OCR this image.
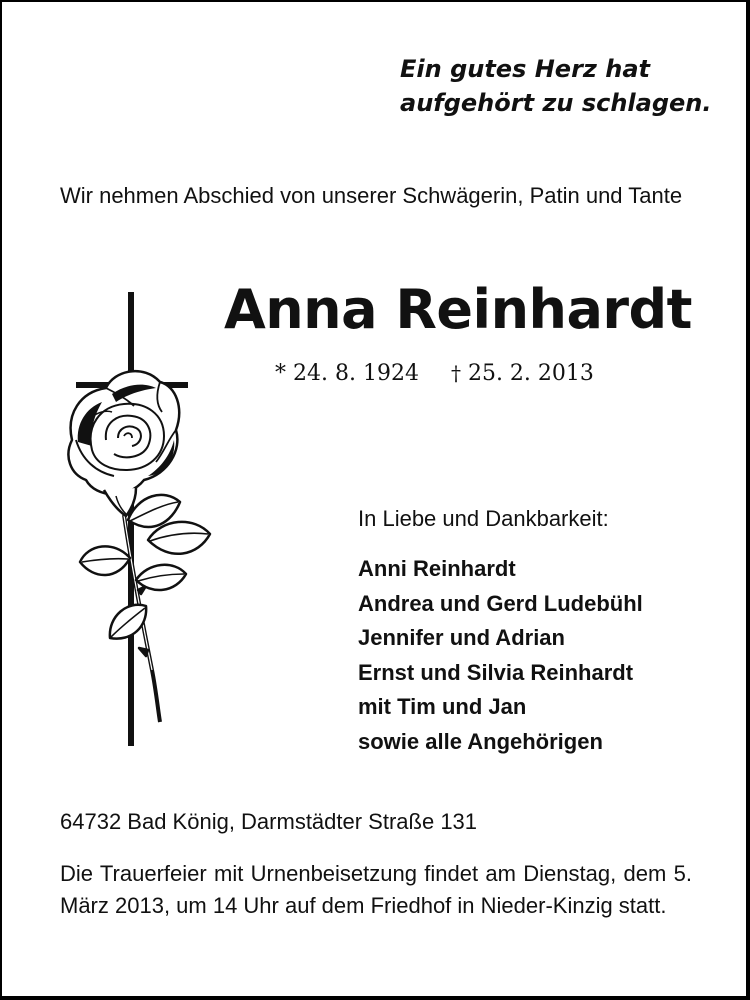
Ein gutes Herz hat
aufgehört zu schlagen.
Wir nehmen Abschied von unserer Schwägerin, Patin und Tante
Anna Reinhardt
* 24. 8. 1924 † 25. 2. 2013
In Liebe und Dankbarkeit:
Anni Reinhardt
Andrea und Gerd Ludebühl
Jennifer und Adrian
Ernst und Silvia Reinhardt
mit Tim und Jan
sowie alle Angehörigen
64732 Bad König, Darmstädter Straße 131
Die Trauerfeier mit Urnenbeisetzung findet am Dienstag, dem 5. März 2013, um 14 Uhr auf dem Friedhof in Nieder-Kinzig statt.
